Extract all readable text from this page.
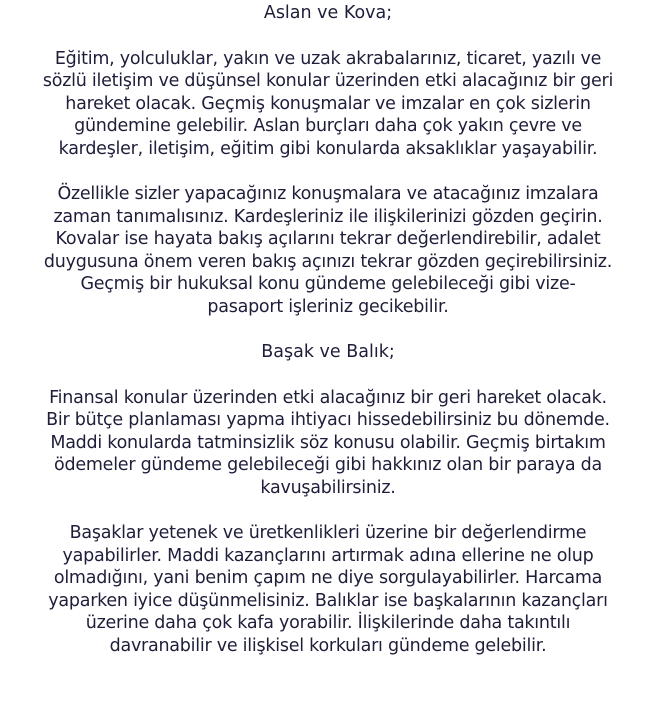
Aslan ve Kova;
Eğitim, yolculuklar, yakın ve uzak akrabalarınız, ticaret, yazılı ve
sözlü iletişim ve düşünsel konular üzerinden etki alacağınız bir geri
hareket olacak. Geçmiş konuşmalar ve imzalar en çok sizlerin
gündemine gelebilir. Aslan burçları daha çok yakın çevre ve
kardeşler, iletişim, eğitim gibi konularda aksaklıklar yaşayabilir.
Özellikle sizler yapacağınız konuşmalara ve atacağınız imzalara
zaman tanımalısınız. Kardeşleriniz ile ilişkilerinizi gözden geçirin.
Kovalar ise hayata bakış açılarını tekrar değerlendirebilir, adalet
duygusuna önem veren bakış açınızı tekrar gözden geçirebilirsiniz.
Geçmiş bir hukuksal konu gündeme gelebileceği gibi vize-
pasaport işleriniz gecikebilir.
Başak ve Balık;
Finansal konular üzerinden etki alacağınız bir geri hareket olacak.
Bir bütçe planlaması yapma ihtiyacı hissedebilirsiniz bu dönemde.
Maddi konularda tatminsizlik söz konusu olabilir. Geçmiş birtakım
ödemeler gündeme gelebileceği gibi hakkınız olan bir paraya da
kavuşabilirsiniz.
Başaklar yetenek ve üretkenlikleri üzerine bir değerlendirme
yapabilirler. Maddi kazançlarını artırmak adına ellerine ne olup
olmadığını, yani benim çapım ne diye sorgulayabilirler. Harcama
yaparken iyice düşünmelisiniz. Balıklar ise başkalarının kazançları
üzerine daha çok kafa yorabilir. İlişkilerinde daha takıntılı
davranabilir ve ilişkisel korkuları gündeme gelebilir.
